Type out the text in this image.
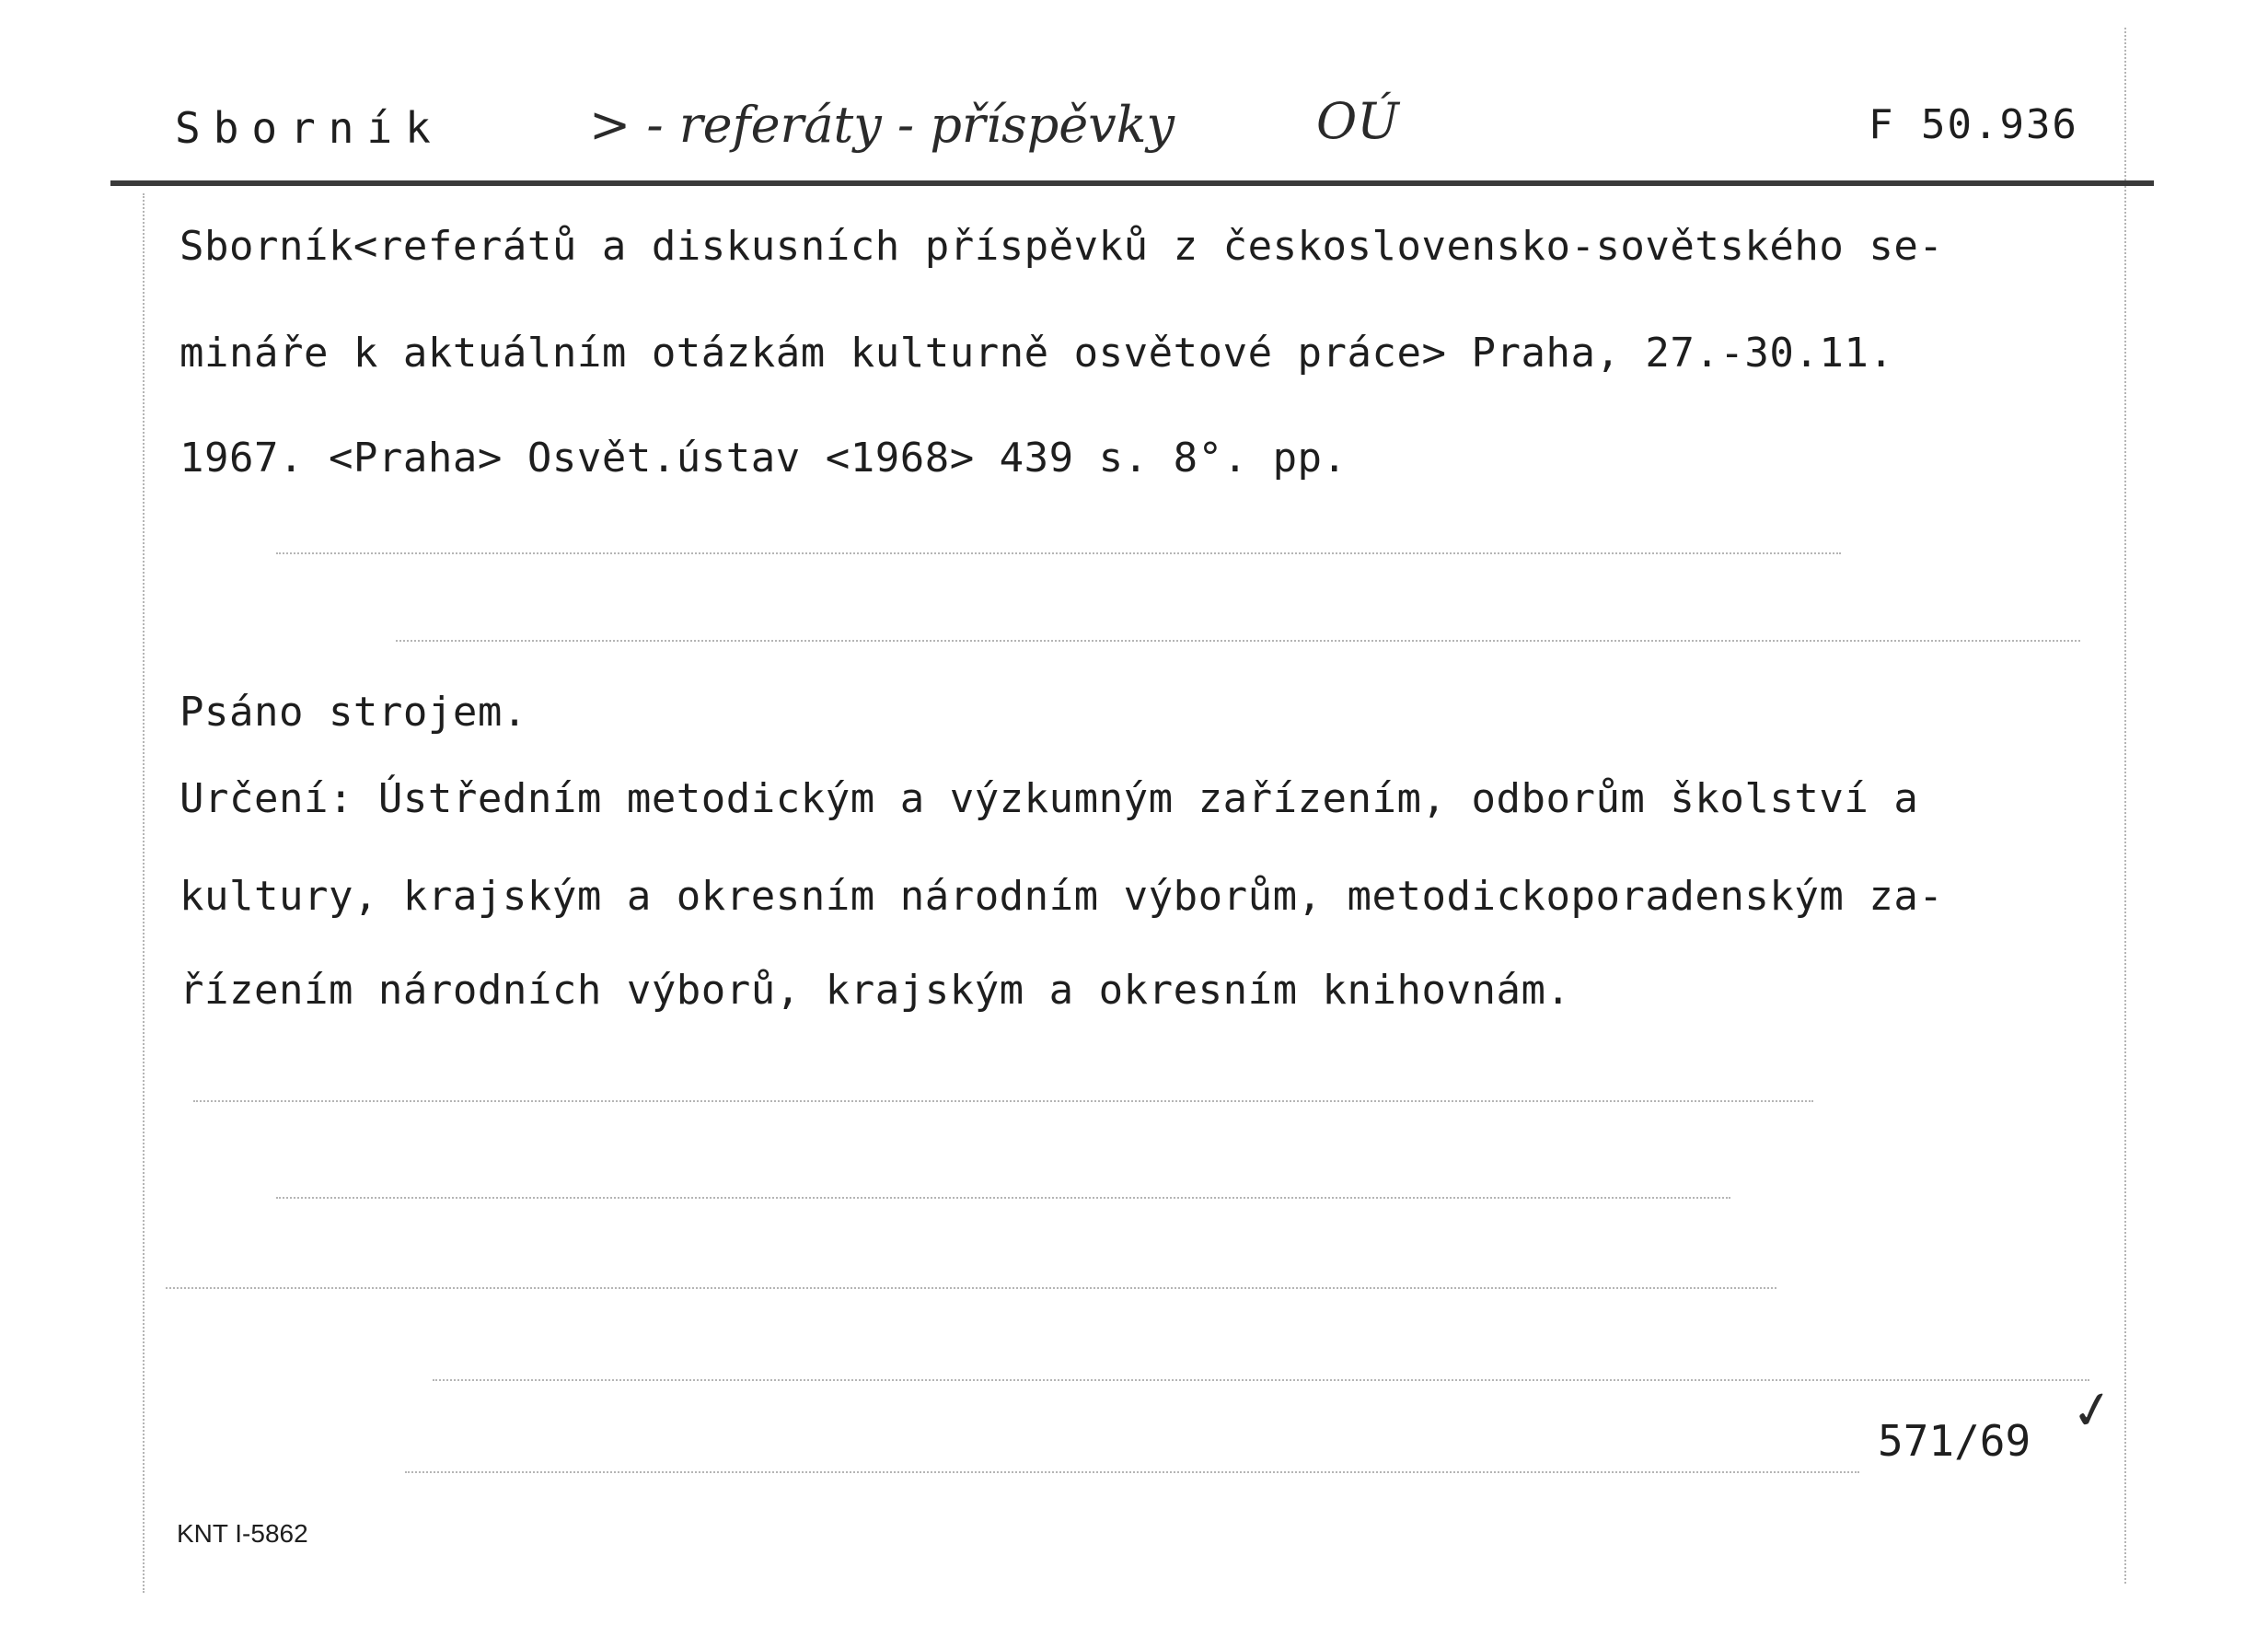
Sborník	> - referáty - příspěvky	OÚ	F 50.936
Sborník<referátů a diskusních příspěvků z československo-sovětského se-
mináře k aktuálním otázkám kulturně osvětové práce> Praha, 27.-30.11.
1967. <Praha> Osvět.ústav <1968> 439 s. 8°. pp.
Psáno strojem.
Určení: Ústředním metodickým a výzkumným zařízením, odborům školství a
kultury, krajským a okresním národním výborům, metodickoporadenským za-
řízením národních výborů, krajským a okresním knihovnám.
571/69 ✓
KNT I-5862
